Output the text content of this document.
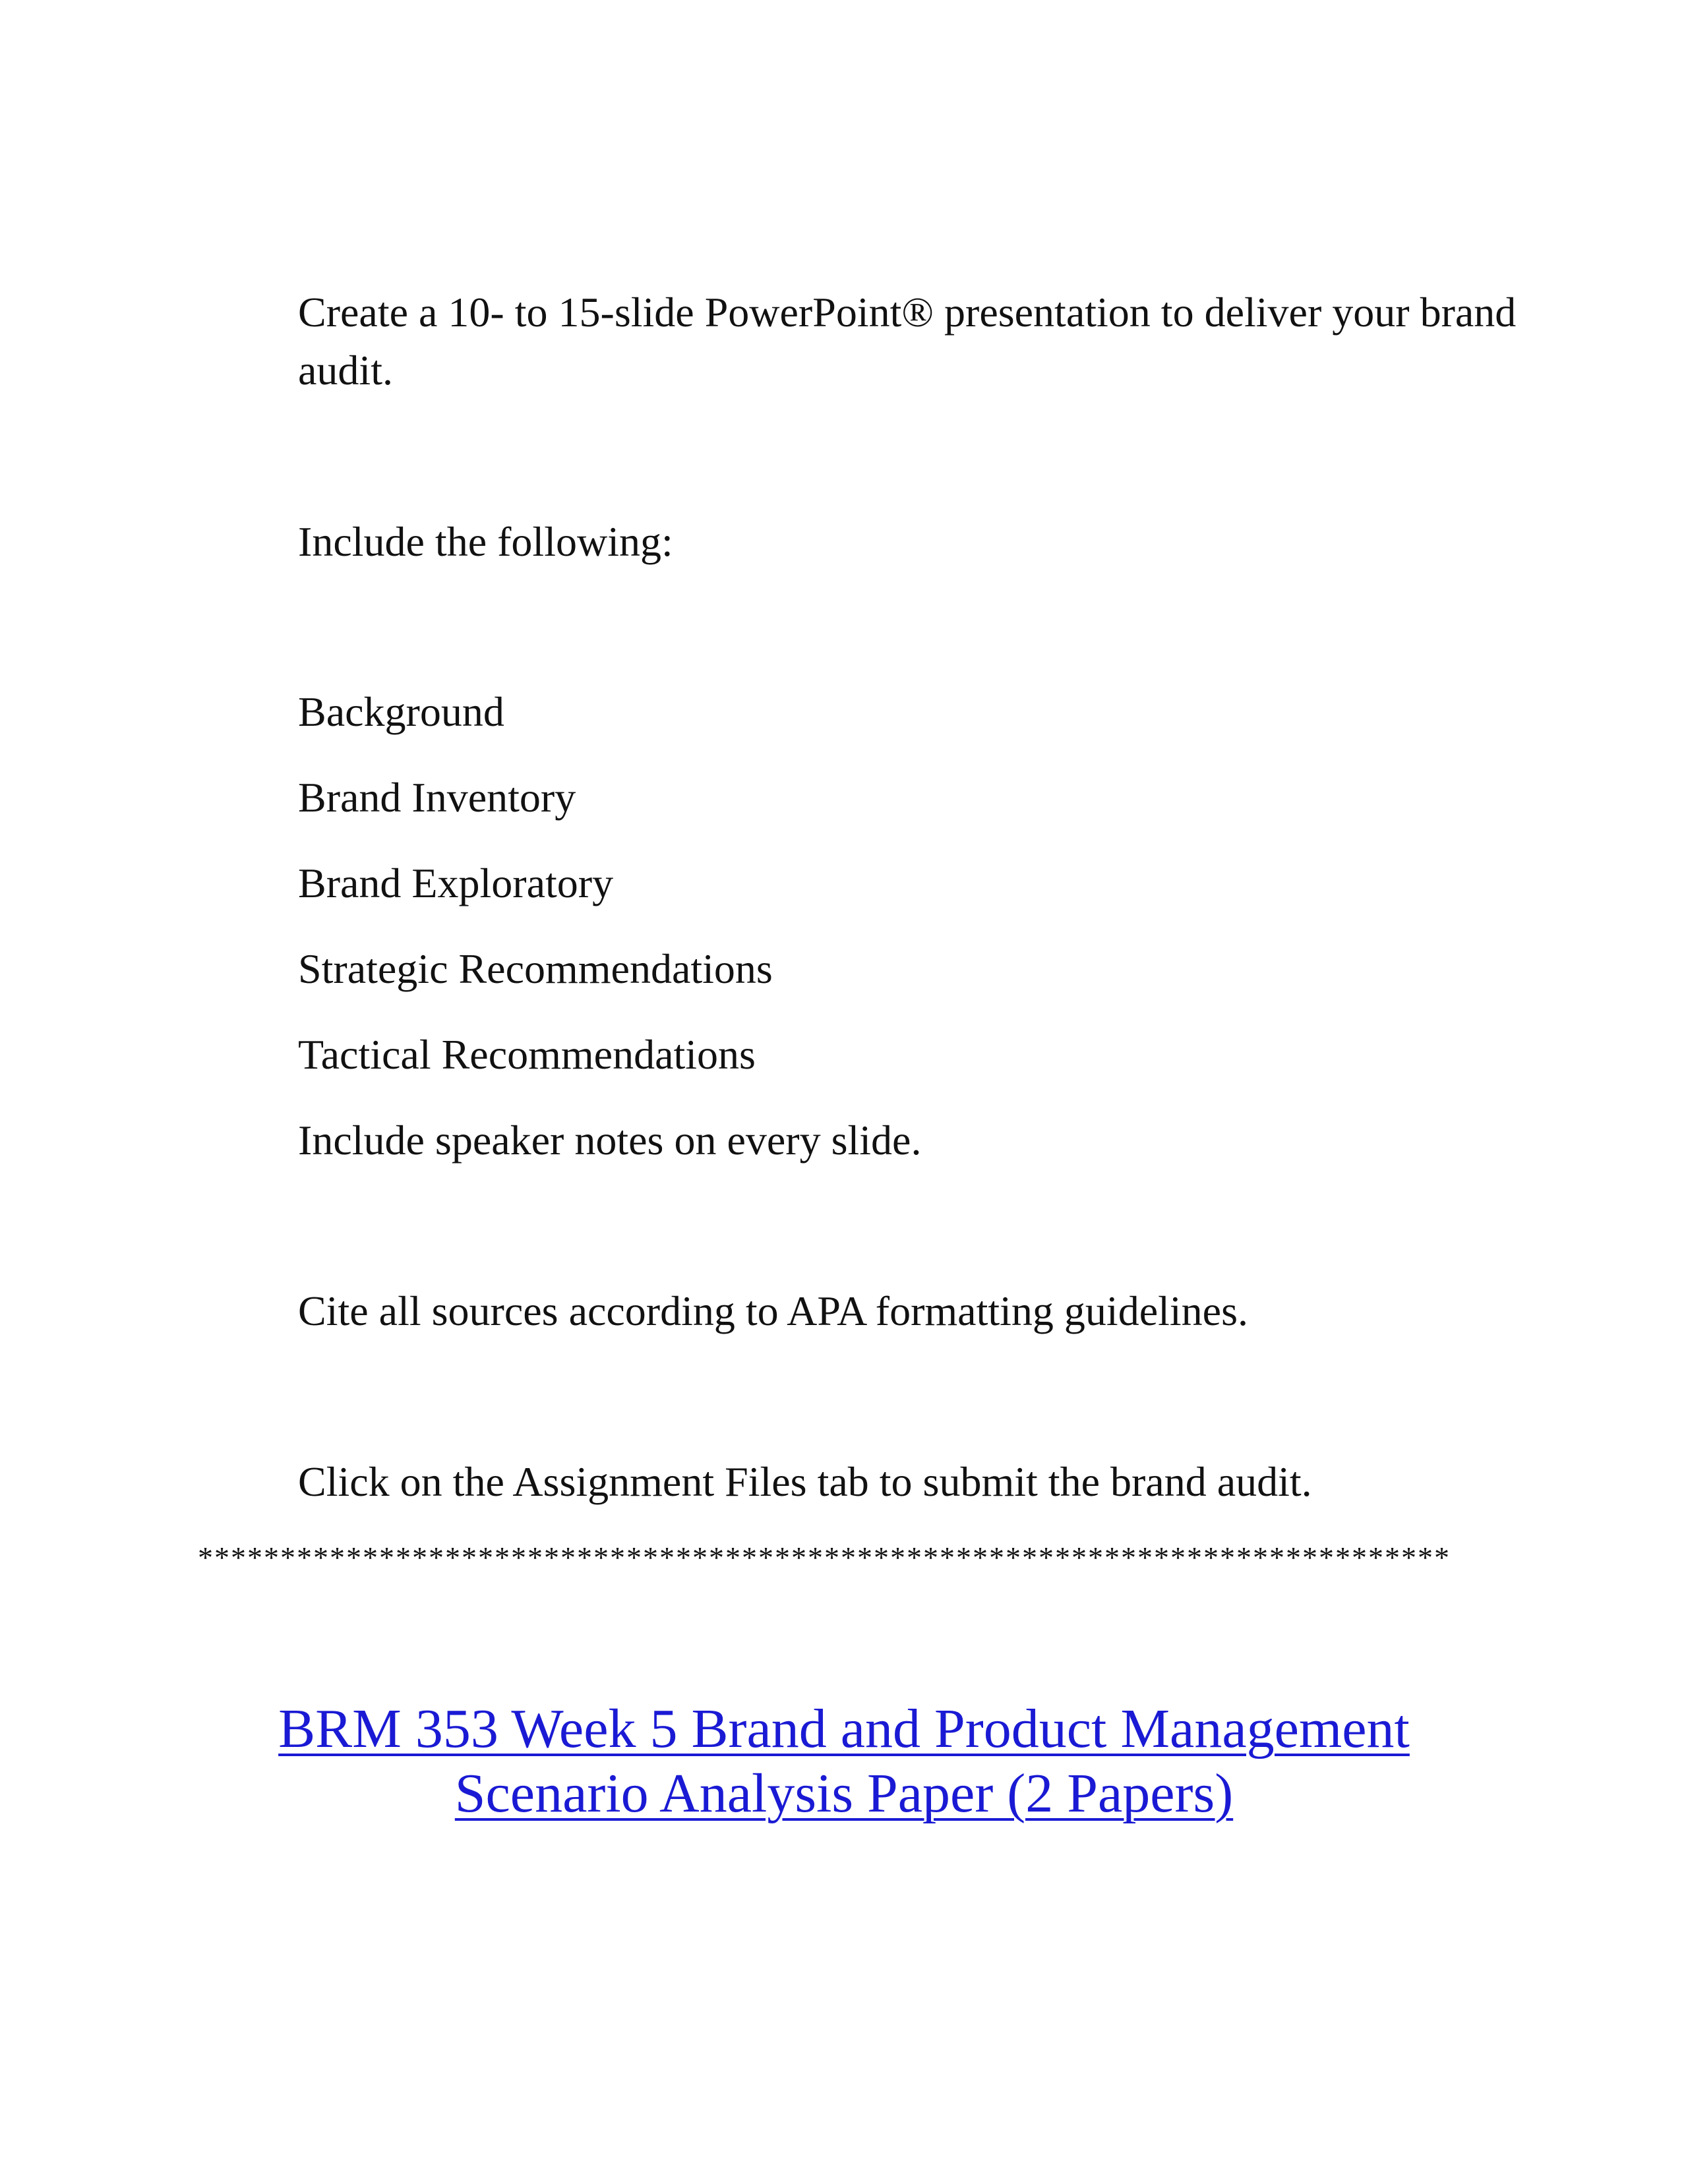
Create a 10- to 15-slide PowerPoint® presentation to deliver your brand audit.

Include the following:

Background

Brand Inventory

Brand Exploratory

Strategic Recommendations

Tactical Recommendations

Include speaker notes on every slide.

Cite all sources according to APA formatting guidelines.

Click on the Assignment Files tab to submit the brand audit.

****************************************************************************

BRM 353 Week 5 Brand and Product Management
Scenario Analysis Paper (2 Papers)
